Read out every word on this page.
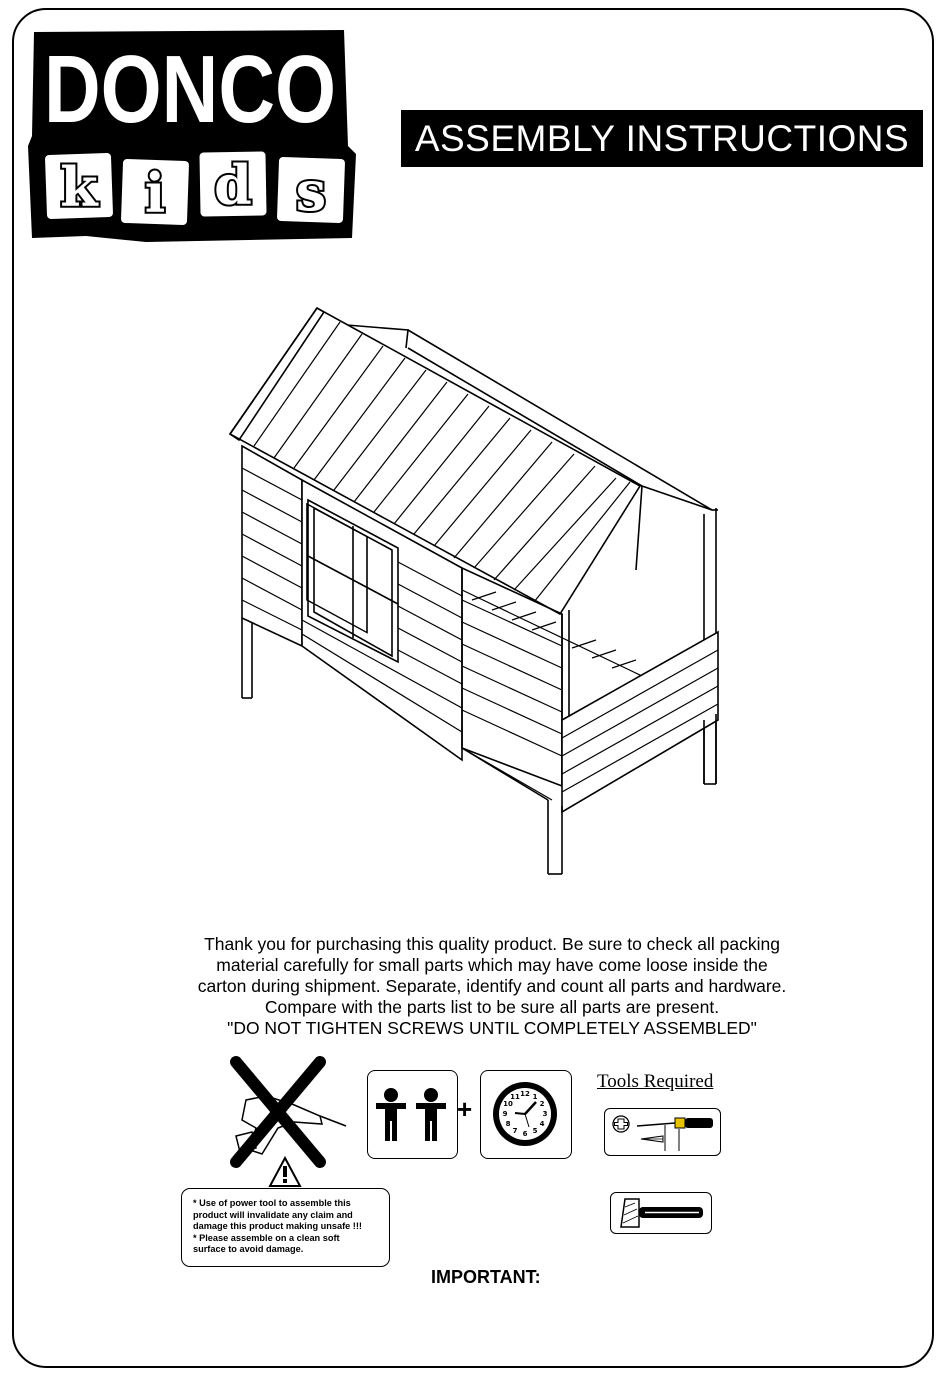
DONCO
k i d s
ASSEMBLY INSTRUCTIONS

Thank you for purchasing this quality product. Be sure to check all packing

material carefully for small parts which may have come loose inside the

carton during shipment. Separate, identify and count all parts and hardware.

Compare with the parts list to be sure all parts are present.

"DO NOT TIGHTEN SCREWS UNTIL COMPLETELY ASSEMBLED"

* Use of power tool to assemble this
product will invalidate any claim and
damage this product making unsafe !!!

* Please assemble on a clean soft
surface to avoid damage.

+	12 1
2
3
4
5
6
7
8
9
10
11
Tools Required
IMPORTANT:
